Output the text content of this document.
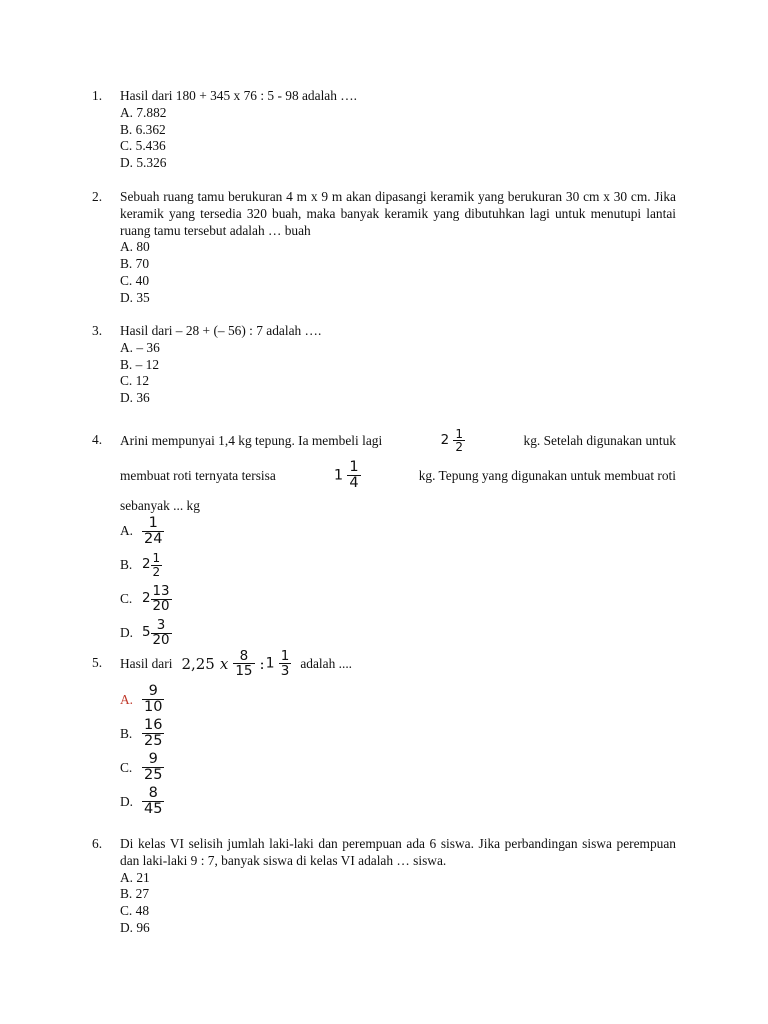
1. Hasil dari 180 + 345 x 76 : 5 - 98 adalah ….
A. 7.882
B. 6.362
C. 5.436
D. 5.326
2. Sebuah ruang tamu berukuran 4 m x 9 m akan dipasangi keramik yang berukuran 30 cm x 30 cm. Jika keramik yang tersedia 320 buah, maka banyak keramik yang dibutuhkan lagi untuk menutupi lantai ruang tamu tersebut adalah … buah
A. 80
B. 70
C. 40
D. 35
3. Hasil dari – 28 + (– 56) : 7 adalah ….
A. – 36
B. – 12
C. 12
D. 36
4. Arini mempunyai 1,4 kg tepung. Ia membeli lagi	$2 \frac{1}{2}$	kg. Setelah digunakan untuk
membuat roti ternyata tersisa	$1 \frac{1}{4}$	kg. Tepung yang digunakan untuk membuat roti
sebanyak ... kg
A. $\frac{1}{24}$
B. $2 \frac{1}{2}$
C. $2 \frac{13}{20}$
D. $5 \frac{3}{20}$
5. Hasil dari 2,25 x $\frac{8}{15}$ : $1 \frac{1}{3}$ adalah ....
A. $\frac{9}{10}$
B. $\frac{16}{25}$
C. $\frac{9}{25}$
D. $\frac{8}{45}$
6. Di kelas VI selisih jumlah laki-laki dan perempuan ada 6 siswa. Jika perbandingan siswa perempuan dan laki-laki 9 : 7, banyak siswa di kelas VI adalah … siswa.
A. 21
B. 27
C. 48
D. 96
